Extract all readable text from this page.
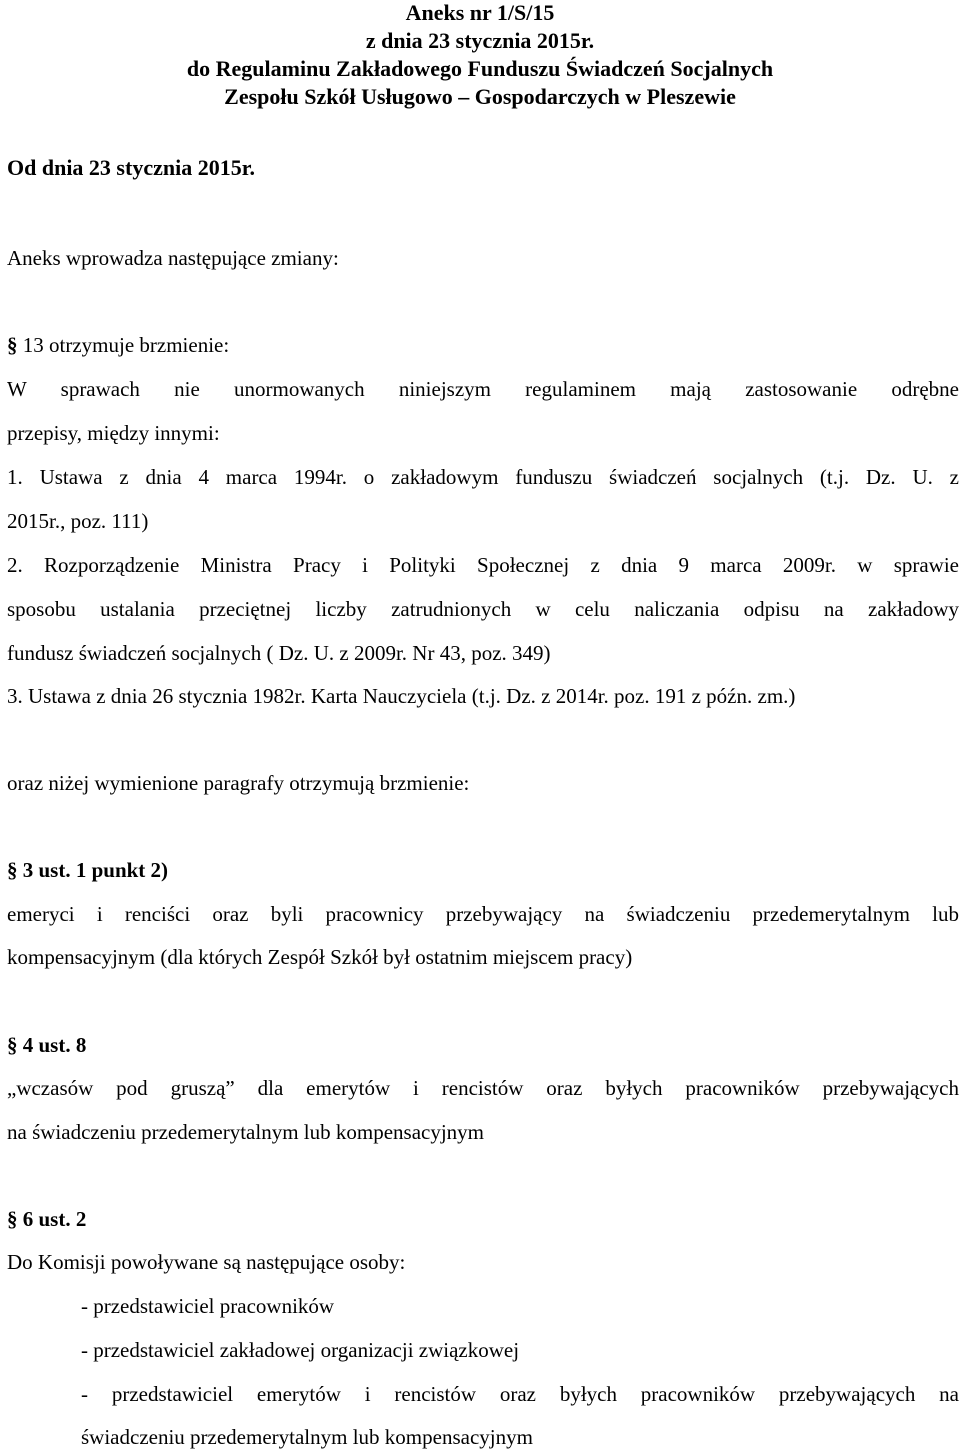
Aneks nr 1/S/15
z dnia 23 stycznia 2015r.
do Regulaminu Zakładowego Funduszu Świadczeń Socjalnych
Zespołu Szkół Usługowo – Gospodarczych w Pleszewie
Od dnia 23 stycznia 2015r.
Aneks wprowadza następujące zmiany:
§ 13 otrzymuje brzmienie:
W sprawach nie unormowanych niniejszym regulaminem mają zastosowanie odrębne
przepisy, między innymi:
1. Ustawa z dnia 4 marca 1994r. o zakładowym funduszu świadczeń socjalnych (t.j. Dz. U. z
2015r., poz. 111)
2. Rozporządzenie Ministra Pracy i Polityki Społecznej z dnia 9 marca 2009r. w sprawie
sposobu ustalania przeciętnej liczby zatrudnionych w celu naliczania odpisu na zakładowy
fundusz świadczeń socjalnych ( Dz. U. z 2009r. Nr 43, poz. 349)
3. Ustawa z dnia 26 stycznia 1982r. Karta Nauczyciela (t.j. Dz. z 2014r. poz. 191 z późn. zm.)
oraz niżej wymienione paragrafy otrzymują brzmienie:
§ 3 ust. 1 punkt 2)
emeryci i renciści oraz byli pracownicy przebywający na świadczeniu przedemerytalnym lub
kompensacyjnym (dla których Zespół Szkół był ostatnim miejscem pracy)
§ 4 ust. 8
„wczasów pod gruszą” dla emerytów i rencistów oraz byłych pracowników przebywających
na świadczeniu przedemerytalnym lub kompensacyjnym
§ 6 ust. 2
Do Komisji powoływane są następujące osoby:
- przedstawiciel pracowników
- przedstawiciel zakładowej organizacji związkowej
- przedstawiciel emerytów i rencistów oraz byłych pracowników przebywających na
świadczeniu przedemerytalnym lub kompensacyjnym
